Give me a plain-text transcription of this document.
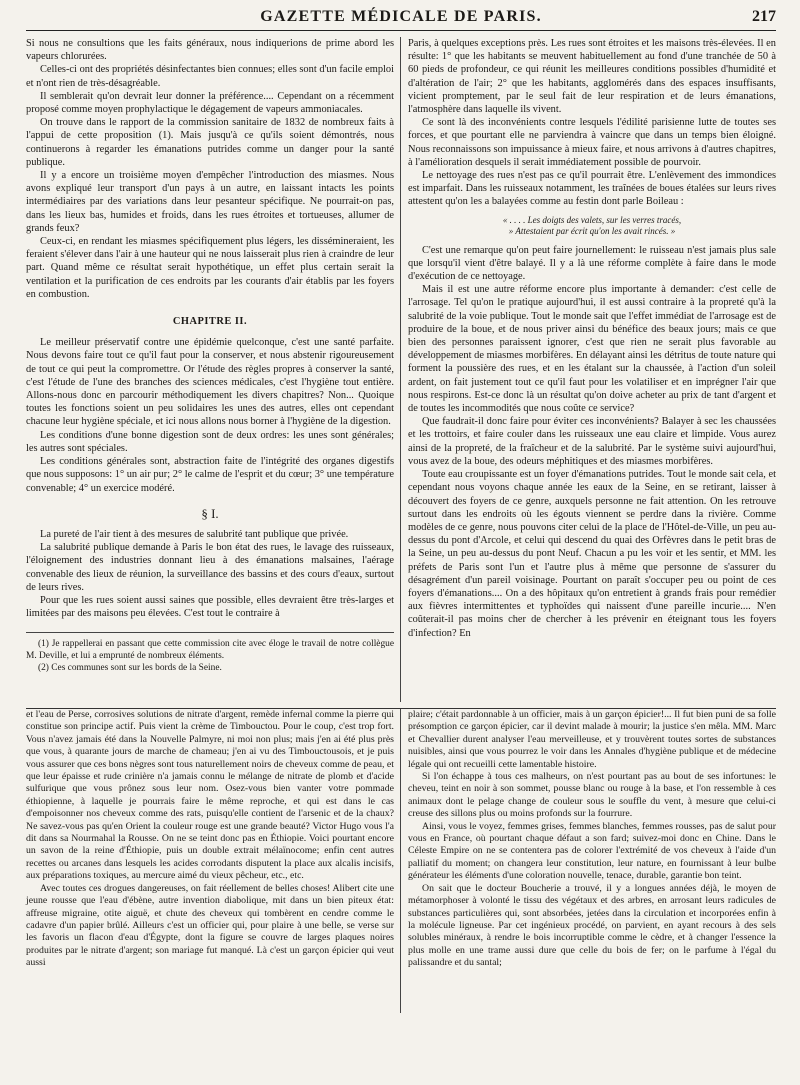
GAZETTE MÉDICALE DE PARIS.	217

Si nous ne consultions que les faits généraux, nous indiquerions de prime abord les vapeurs chlorurées.

Celles-ci ont des propriétés désinfectantes bien connues; elles sont d'un facile emploi et n'ont rien de très-désagréable.

Il semblerait qu'on devrait leur donner la préférence.... Cependant on a récemment proposé comme moyen prophylactique le dégagement de vapeurs ammoniacales.

On trouve dans le rapport de la commission sanitaire de 1832 de nombreux faits à l'appui de cette proposition (1). Mais jusqu'à ce qu'ils soient démontrés, nous continuerons à regarder les émanations putrides comme un danger pour la santé publique.

Il y a encore un troisième moyen d'empêcher l'introduction des miasmes. Nous avons expliqué leur transport d'un pays à un autre, en laissant intacts les points intermédiaires par des variations dans leur pesanteur spécifique. Ne pourrait-on pas, dans les lieux bas, humides et froids, dans les rues étroites et tortueuses, allumer de grands feux?

Ceux-ci, en rendant les miasmes spécifiquement plus légers, les dissémineraient, les feraient s'élever dans l'air à une hauteur qui ne nous laisserait plus rien à craindre de leur part. Quand même ce résultat serait hypothétique, un effet plus certain serait la ventilation et la purification de ces endroits par les courants d'air établis par les foyers en combustion.

CHAPITRE II.

Le meilleur préservatif contre une épidémie quelconque, c'est une santé parfaite. Nous devons faire tout ce qu'il faut pour la conserver, et nous abstenir rigoureusement de tout ce qui peut la compromettre. Or l'étude des règles propres à conserver la santé, c'est l'étude de l'une des branches des sciences médicales, c'est l'hygiène tout entière. Allons-nous donc en parcourir méthodiquement les divers chapitres? Non... Quoique toutes les fonctions soient un peu solidaires les unes des autres, elles ont cependant chacune leur hygiène spéciale, et ici nous allons nous borner à l'hygiène de la digestion.

Les conditions d'une bonne digestion sont de deux ordres: les unes sont générales; les autres sont spéciales.

Les conditions générales sont, abstraction faite de l'intégrité des organes digestifs que nous supposons: 1° un air pur; 2° le calme de l'esprit et du cœur; 3° une température convenable; 4° un exercice modéré.

§ I.

La pureté de l'air tient à des mesures de salubrité tant publique que privée.

La salubrité publique demande à Paris le bon état des rues, le lavage des ruisseaux, l'éloignement des industries donnant lieu à des émanations malsaines, l'aérage convenable des lieux de réunion, la surveillance des bassins et des cours d'eaux, surtout de leurs rives.

Pour que les rues soient aussi saines que possible, elles devraient être très-larges et limitées par des maisons peu élevées. C'est tout le contraire à

(1) Je rappellerai en passant que cette commission cite avec éloge le travail de notre collègue M. Deville, et lui a emprunté de nombreux éléments.

(2) Ces communes sont sur les bords de la Seine.

Paris, à quelques exceptions près. Les rues sont étroites et les maisons très-élevées. Il en résulte: 1° que les habitants se meuvent habituellement au fond d'une tranchée de 50 à 60 pieds de profondeur, ce qui réunit les meilleures conditions possibles d'humidité et d'altération de l'air; 2° que les habitants, agglomérés dans des espaces insuffisants, vicient promptement, par le seul fait de leur respiration et de leurs émanations, l'atmosphère dans laquelle ils vivent.

Ce sont là des inconvénients contre lesquels l'édilité parisienne lutte de toutes ses forces, et que pourtant elle ne parviendra à vaincre que dans un temps bien éloigné. Nous reconnaissons son impuissance à mieux faire, et nous arrivons à d'autres chapitres, à l'amélioration desquels il serait immédiatement possible de pourvoir.

Le nettoyage des rues n'est pas ce qu'il pourrait être. L'enlèvement des immondices est imparfait. Dans les ruisseaux notamment, les traînées de boues étalées sur leurs rives attestent qu'on les a balayées comme au festin dont parle Boileau :

« . . . . Les doigts des valets, sur les verres tracés,
» Attestaient par écrit qu'on les avait rincés. »

C'est une remarque qu'on peut faire journellement: le ruisseau n'est jamais plus sale que lorsqu'il vient d'être balayé. Il y a là une réforme complète à faire dans le mode d'exécution de ce nettoyage.

Mais il est une autre réforme encore plus importante à demander: c'est celle de l'arrosage. Tel qu'on le pratique aujourd'hui, il est aussi contraire à la propreté qu'à la salubrité de la voie publique. Tout le monde sait que l'effet immédiat de l'arrosage est de produire de la boue, et de nous priver ainsi du bénéfice des beaux jours; mais ce que bien des personnes paraissent ignorer, c'est que rien ne serait plus favorable au développement de miasmes morbifères. En délayant ainsi les détritus de toute nature qui forment la poussière des rues, et en les étalant sur la chaussée, à l'action d'un soleil ardent, on fait justement tout ce qu'il faut pour les volatiliser et en imprégner l'air que nous respirons. Est-ce donc là un résultat qu'on doive acheter au prix de tant d'argent et de toutes les incommodités que nous coûte ce service?

Que faudrait-il donc faire pour éviter ces inconvénients? Balayer à sec les chaussées et les trottoirs, et faire couler dans les ruisseaux une eau claire et limpide. Vous aurez ainsi de la propreté, de la fraîcheur et de la salubrité. Par le système suivi aujourd'hui, vous avez de la boue, des odeurs méphitiques et des miasmes morbifères.

Toute eau croupissante est un foyer d'émanations putrides. Tout le monde sait cela, et cependant nous voyons chaque année les eaux de la Seine, en se retirant, laisser à découvert des foyers de ce genre, auxquels personne ne fait attention. On les retrouve surtout dans les endroits où les égouts viennent se perdre dans la rivière. Comme modèles de ce genre, nous pouvons citer celui de la place de l'Hôtel-de-Ville, un peu au-dessus du pont d'Arcole, et celui qui descend du quai des Orfèvres dans le petit bras de la Seine, un peu au-dessus du pont Neuf. Chacun a pu les voir et les sentir, et MM. les préfets de Paris sont l'un et l'autre plus à même que personne de s'assurer du désagrément d'un pareil voisinage. Pourtant on paraît s'occuper peu ou point de ces foyers d'émanations.... On a des hôpitaux qu'on entretient à grands frais pour remédier aux fièvres intermittentes et typhoïdes qui naissent d'une pareille incurie.... N'en coûterait-il pas moins cher de chercher à les prévenir en éteignant tous les foyers d'infection? En

et l'eau de Perse, corrosives solutions de nitrate d'argent, remède infernal comme la pierre qui constitue son principe actif. Puis vient la crème de Timbouctou. Pour le coup, c'est trop fort. Vous n'avez jamais été dans la Nouvelle Palmyre, ni moi non plus; mais j'en ai été plus près que vous, à quarante jours de marche de chameau; j'en ai vu des Timbouctousois, et je puis vous assurer que ces bons nègres sont tous naturellement noirs de cheveux comme de peau, et que leur épaisse et rude crinière n'a jamais connu le mélange de nitrate de plomb et d'acide sulfurique que vous prônez sous leur nom. Osez-vous bien vanter votre pommade éthiopienne, à laquelle je pourrais faire le même reproche, et qui est dans le cas d'empoisonner nos cheveux comme des rats, puisqu'elle contient de l'arsenic et de la chaux? Ne savez-vous pas qu'en Orient la couleur rouge est une grande beauté? Victor Hugo vous l'a dit dans sa Nourmahal la Rousse. On ne se teint donc pas en Éthiopie. Voici pourtant encore un savon de la reine d'Éthiopie, puis un double extrait mélaïnocome; enfin cent autres recettes ou arcanes dans lesquels les acides corrodants disputent la place aux alcalis incisifs, aux préparations toxiques, au mercure aimé du vieux pêcheur, etc., etc.

Avec toutes ces drogues dangereuses, on fait réellement de belles choses! Alibert cite une jeune rousse que l'eau d'ébène, autre invention diabolique, mit dans un bien piteux état: affreuse migraine, otite aiguë, et chute des cheveux qui tombèrent en cendre comme le cadavre d'un papier brûlé. Ailleurs c'est un officier qui, pour plaire à une belle, se verse sur les favoris un flacon d'eau d'Égypte, dont la figure se couvre de larges plaques noires produites par le nitrate d'argent; son mariage fut manqué. Là c'est un garçon épicier qui veut aussi

plaire; c'était pardonnable à un officier, mais à un garçon épicier!... Il fut bien puni de sa folle présomption ce garçon épicier, car il devint malade à mourir; la justice s'en mêla. MM. Marc et Chevallier durent analyser l'eau merveilleuse, et y trouvèrent toutes sortes de substances nuisibles, ainsi que vous pourrez le voir dans les Annales d'hygiène publique et de médecine légale qui ont recueilli cette lamentable histoire.

Si l'on échappe à tous ces malheurs, on n'est pourtant pas au bout de ses infortunes: le cheveu, teint en noir à son sommet, pousse blanc ou rouge à la base, et l'on ressemble à ces animaux dont le pelage change de couleur sous le souffle du vent, à mesure que celui-ci creuse des sillons plus ou moins profonds sur la fourrure.

Ainsi, vous le voyez, femmes grises, femmes blanches, femmes rousses, pas de salut pour vous en France, où pourtant chaque défaut a son fard; suivez-moi donc en Chine. Dans le Céleste Empire on ne se contentera pas de colorer l'extrémité de vos cheveux à l'aide d'un palliatif du moment; on changera leur constitution, leur nature, en fournissant à leur bulbe générateur les éléments d'une coloration nouvelle, tenace, durable, garantie bon teint.

On sait que le docteur Boucherie a trouvé, il y a longues années déjà, le moyen de métamorphoser à volonté le tissu des végétaux et des arbres, en arrosant leurs radicules de substances particulières qui, sont absorbées, jetées dans la circulation et incorporées enfin à la molécule ligneuse. Par cet ingénieux procédé, on parvient, en ayant recours à des sels solubles minéraux, à rendre le bois incorruptible comme le cèdre, et à changer l'essence la plus molle en une trame aussi dure que celle du bois de fer; on le parfume à l'égal du palissandre et du santal;
